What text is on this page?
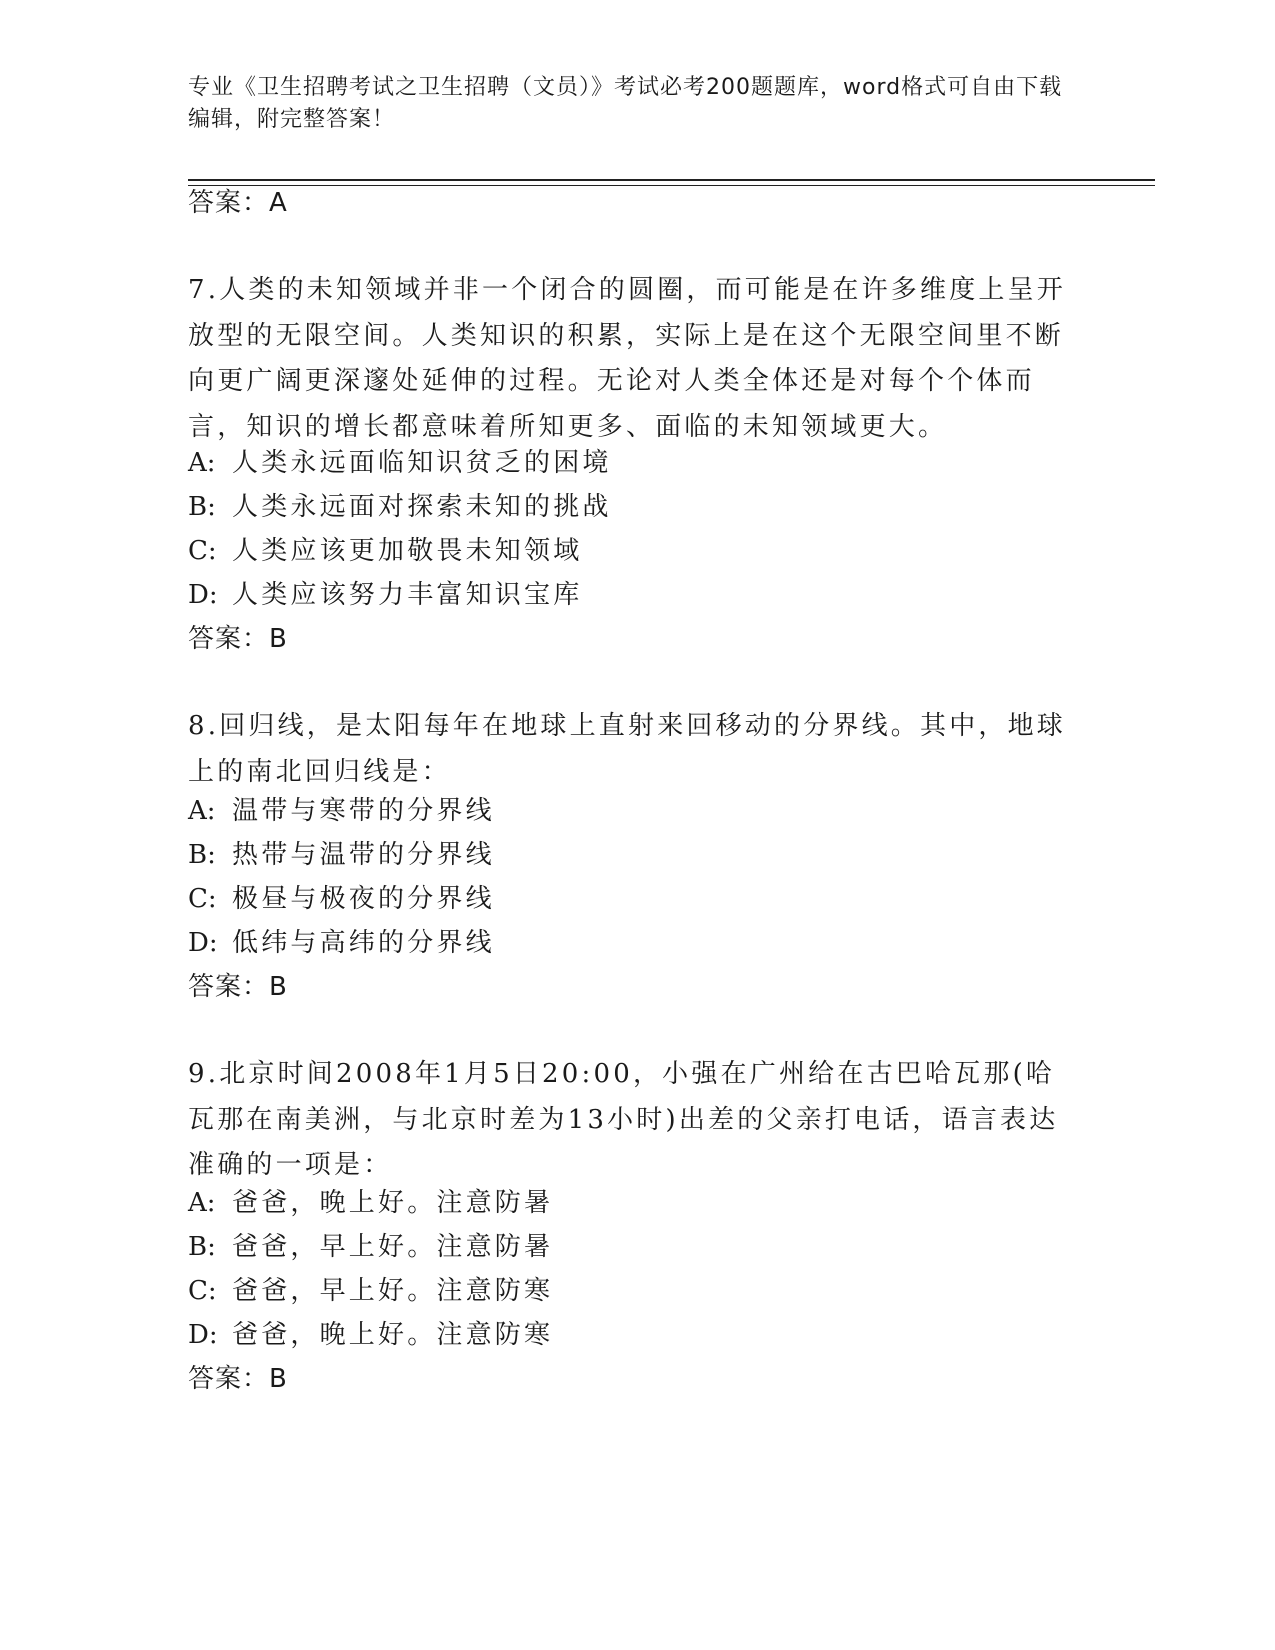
专业《卫生招聘考试之卫生招聘（文员）》考试必考200题题库，word格式可自由下载编辑，附完整答案！
答案：A
7.人类的未知领域并非一个闭合的圆圈，而可能是在许多维度上呈开放型的无限空间。人类知识的积累，实际上是在这个无限空间里不断向更广阔更深邃处延伸的过程。无论对人类全体还是对每个个体而言，知识的增长都意味着所知更多、面临的未知领域更大。
A: 人类永远面临知识贫乏的困境
B: 人类永远面对探索未知的挑战
C: 人类应该更加敬畏未知领域
D: 人类应该努力丰富知识宝库
答案：B
8.回归线，是太阳每年在地球上直射来回移动的分界线。其中，地球上的南北回归线是：
A: 温带与寒带的分界线
B: 热带与温带的分界线
C: 极昼与极夜的分界线
D: 低纬与高纬的分界线
答案：B
9.北京时间2008年1月5日20:00，小强在广州给在古巴哈瓦那(哈瓦那在南美洲，与北京时差为13小时)出差的父亲打电话，语言表达准确的一项是：
A: 爸爸，晚上好。注意防暑
B: 爸爸，早上好。注意防暑
C: 爸爸，早上好。注意防寒
D: 爸爸，晚上好。注意防寒
答案：B
